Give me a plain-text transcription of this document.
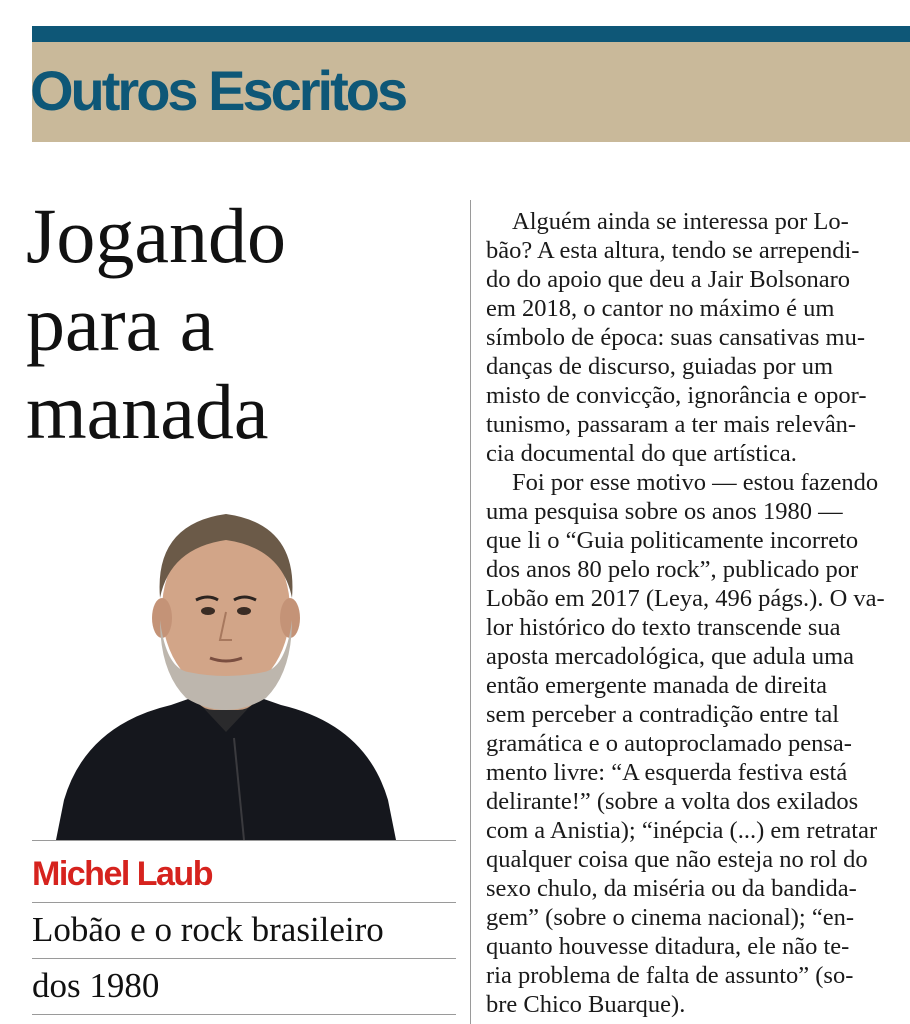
Outros Escritos
Jogando
para a
manada
Michel Laub

Lobão e o rock brasileiro
dos 1980

Alguém ainda se interessa por Lo-
bão? A esta altura, tendo se arrependi-
do do apoio que deu a Jair Bolsonaro
em 2018, o cantor no máximo é um
símbolo de época: suas cansativas mu-
danças de discurso, guiadas por um
misto de convicção, ignorância e opor-
tunismo, passaram a ter mais relevân-
cia documental do que artística.
Foi por esse motivo — estou fazendo
uma pesquisa sobre os anos 1980 —
que li o “Guia politicamente incorreto
dos anos 80 pelo rock”, publicado por
Lobão em 2017 (Leya, 496 págs.). O va-
lor histórico do texto transcende sua
aposta mercadológica, que adula uma
então emergente manada de direita
sem perceber a contradição entre tal
gramática e o autoproclamado pensa-
mento livre: “A esquerda festiva está
delirante!” (sobre a volta dos exilados
com a Anistia); “inépcia (...) em retratar
qualquer coisa que não esteja no rol do
sexo chulo, da miséria ou da bandida-
gem” (sobre o cinema nacional); “en-
quanto houvesse ditadura, ele não te-
ria problema de falta de assunto” (so-
bre Chico Buarque).
